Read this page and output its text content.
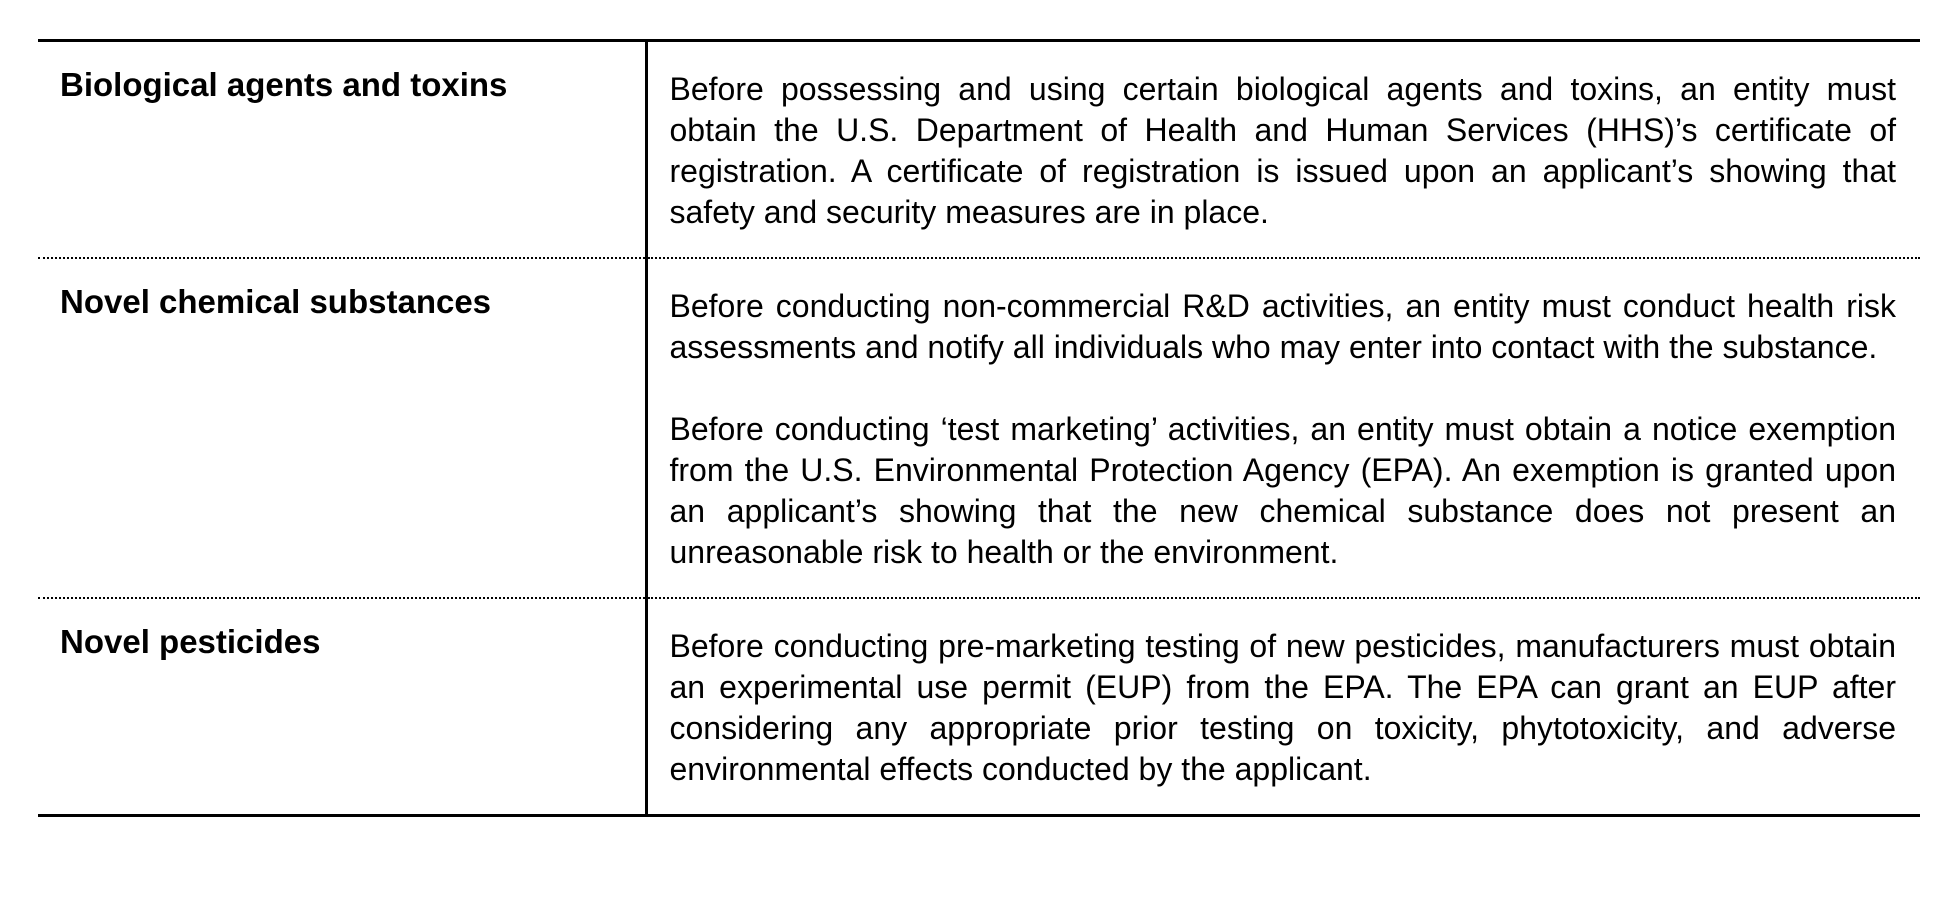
Biological agents and toxins	Before possessing and using certain biological agents and toxins, an entity must obtain the U.S. Department of Health and Human Services (HHS)’s certificate of registration. A certificate of registration is issued upon an applicant’s showing that safety and security measures are in place.

Novel chemical substances	Before conducting non-commercial R&D activities, an entity must conduct health risk assessments and notify all individuals who may enter into contact with the substance.

Before conducting ‘test marketing’ activities, an entity must obtain a notice exemption from the U.S. Environmental Protection Agency (EPA). An exemption is granted upon an applicant’s showing that the new chemical substance does not present an unreasonable risk to health or the environment.

Novel pesticides	Before conducting pre-marketing testing of new pesticides, manufacturers must obtain an experimental use permit (EUP) from the EPA. The EPA can grant an EUP after considering any appropriate prior testing on toxicity, phytotoxicity, and adverse environmental effects conducted by the applicant.
